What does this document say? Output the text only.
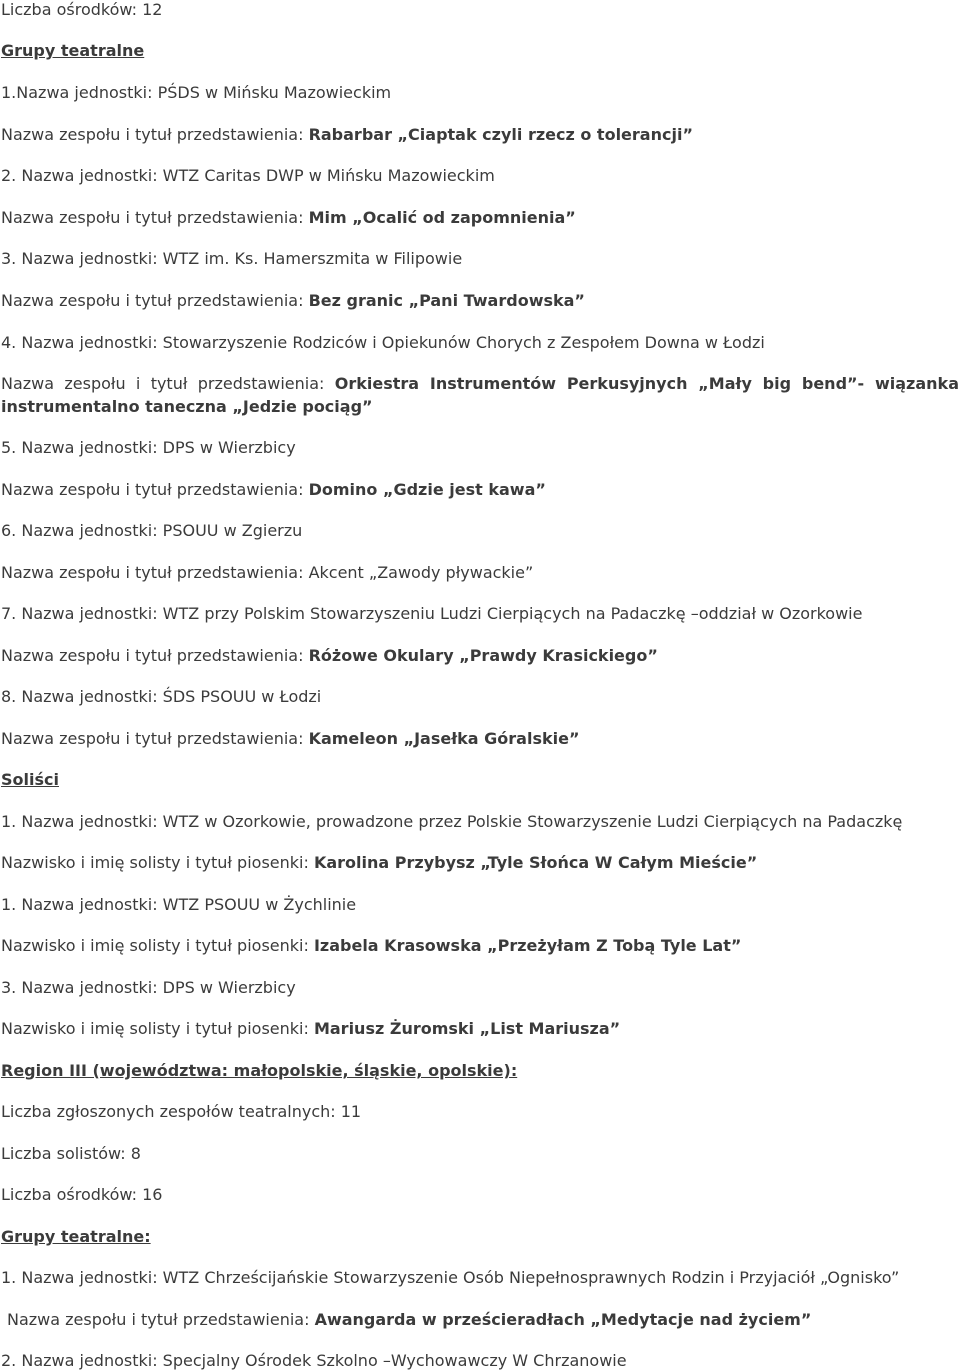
Liczba ośrodków: 12
Grupy teatralne
1.Nazwa jednostki: PŚDS w Mińsku Mazowieckim
Nazwa zespołu i tytuł przedstawienia: Rabarbar „Ciaptak czyli rzecz o tolerancji”
2. Nazwa jednostki: WTZ Caritas DWP w Mińsku Mazowieckim
Nazwa zespołu i tytuł przedstawienia: Mim „Ocalić od zapomnienia”
3. Nazwa jednostki: WTZ im. Ks. Hamerszmita w Filipowie
Nazwa zespołu i tytuł przedstawienia: Bez granic „Pani Twardowska”
4. Nazwa jednostki: Stowarzyszenie Rodziców i Opiekunów Chorych z Zespołem Downa w Łodzi
Nazwa zespołu i tytuł przedstawienia: Orkiestra Instrumentów Perkusyjnych „Mały big bend”- wiązanka instrumentalno taneczna „Jedzie pociąg”
5. Nazwa jednostki: DPS w Wierzbicy
Nazwa zespołu i tytuł przedstawienia: Domino „Gdzie jest kawa”
6. Nazwa jednostki: PSOUU w Zgierzu
Nazwa zespołu i tytuł przedstawienia: Akcent „Zawody pływackie”
7. Nazwa jednostki: WTZ przy Polskim Stowarzyszeniu Ludzi Cierpiących na Padaczkę –oddział w Ozorkowie
Nazwa zespołu i tytuł przedstawienia: Różowe Okulary „Prawdy Krasickiego”
8. Nazwa jednostki: ŚDS PSOUU w Łodzi
Nazwa zespołu i tytuł przedstawienia: Kameleon „Jasełka Góralskie”
Soliści
1. Nazwa jednostki: WTZ w Ozorkowie, prowadzone przez Polskie Stowarzyszenie Ludzi Cierpiących na Padaczkę
Nazwisko i imię solisty i tytuł piosenki: Karolina Przybysz „Tyle Słońca W Całym Mieście”
1. Nazwa jednostki: WTZ PSOUU w Żychlinie
Nazwisko i imię solisty i tytuł piosenki: Izabela Krasowska „Przeżyłam Z Tobą Tyle Lat”
3. Nazwa jednostki: DPS w Wierzbicy
Nazwisko i imię solisty i tytuł piosenki: Mariusz Żuromski „List Mariusza”
Region III (województwa: małopolskie, śląskie, opolskie):
Liczba zgłoszonych zespołów teatralnych: 11
Liczba solistów: 8
Liczba ośrodków: 16
Grupy teatralne:
1. Nazwa jednostki: WTZ Chrześcijańskie Stowarzyszenie Osób Niepełnosprawnych Rodzin i Przyjaciół „Ognisko”
Nazwa zespołu i tytuł przedstawienia: Awangarda w prześcieradłach „Medytacje nad życiem”
2. Nazwa jednostki: Specjalny Ośrodek Szkolno –Wychowawczy W Chrzanowie
